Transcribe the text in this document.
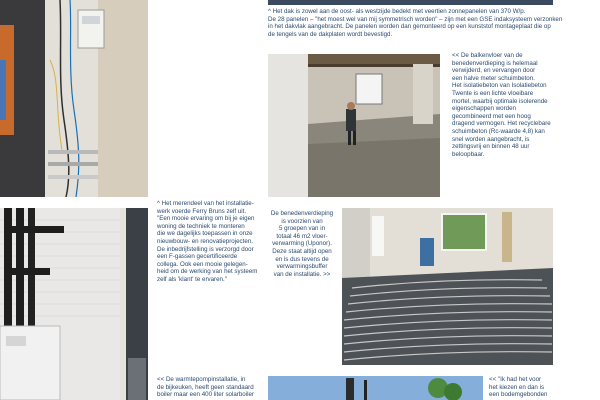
^ Het dak is zowel aan de oost- als westzijde bedekt met veertien zonnepanelen van 370 W/p.
De 28 panelen – "het moest wel van mij symmetrisch worden" – zijn met een GSE indaksysteem verzonken
in het dakvlak aangebracht. De panelen worden dan gemonteerd op een kunststof montageplaat die op
de tengels van de dakplaten wordt bevestigd.
<< De balkenvloer van de
benedenverdieping is helemaal
verwijderd, en vervangen door
een halve meter schuimbeton.
Het isolatiebeton van Isolatiebeton
Twente is een lichte vloeibare
mortel, waarbij optimale isolerende
eigenschappen worden
gecombineerd met een hoog
dragend vermogen. Het recyclebare
schuimbeton (Rc-waarde 4,8) kan
snel worden aangebracht, is
zettingsvrij en binnen 48 uur
beloopbaar.
^ Het merendeel van het installatie-
werk voerde Ferry Bruns zelf uit.
"Een mooie ervaring om bij je eigen
woning de techniek te monteren
die we dagelijks toepassen in onze
nieuwbouw- en renovatieprojecten.
De inbedrijfstelling is verzorgd door
een F-gassen gecertificeerde
collega. Ook een mooie gelegen-
heid om de werking van het systeem
zelf als 'klant' te ervaren."
De benedenverdieping
is voorzien van
5 groepen van in
totaal 46 m2 vloer-
verwarming (Uponor).
Deze staat altijd open
en is dus tevens de
verwarmingsbuffer
van de installatie. >>
<< De warmtepompinstallatie, in
de bijkeuken, heeft geen standaard
boiler maar een 400 liter solarboiler
<< "Ik had het voor
het kiezen en dan is
een bodemgebonden
